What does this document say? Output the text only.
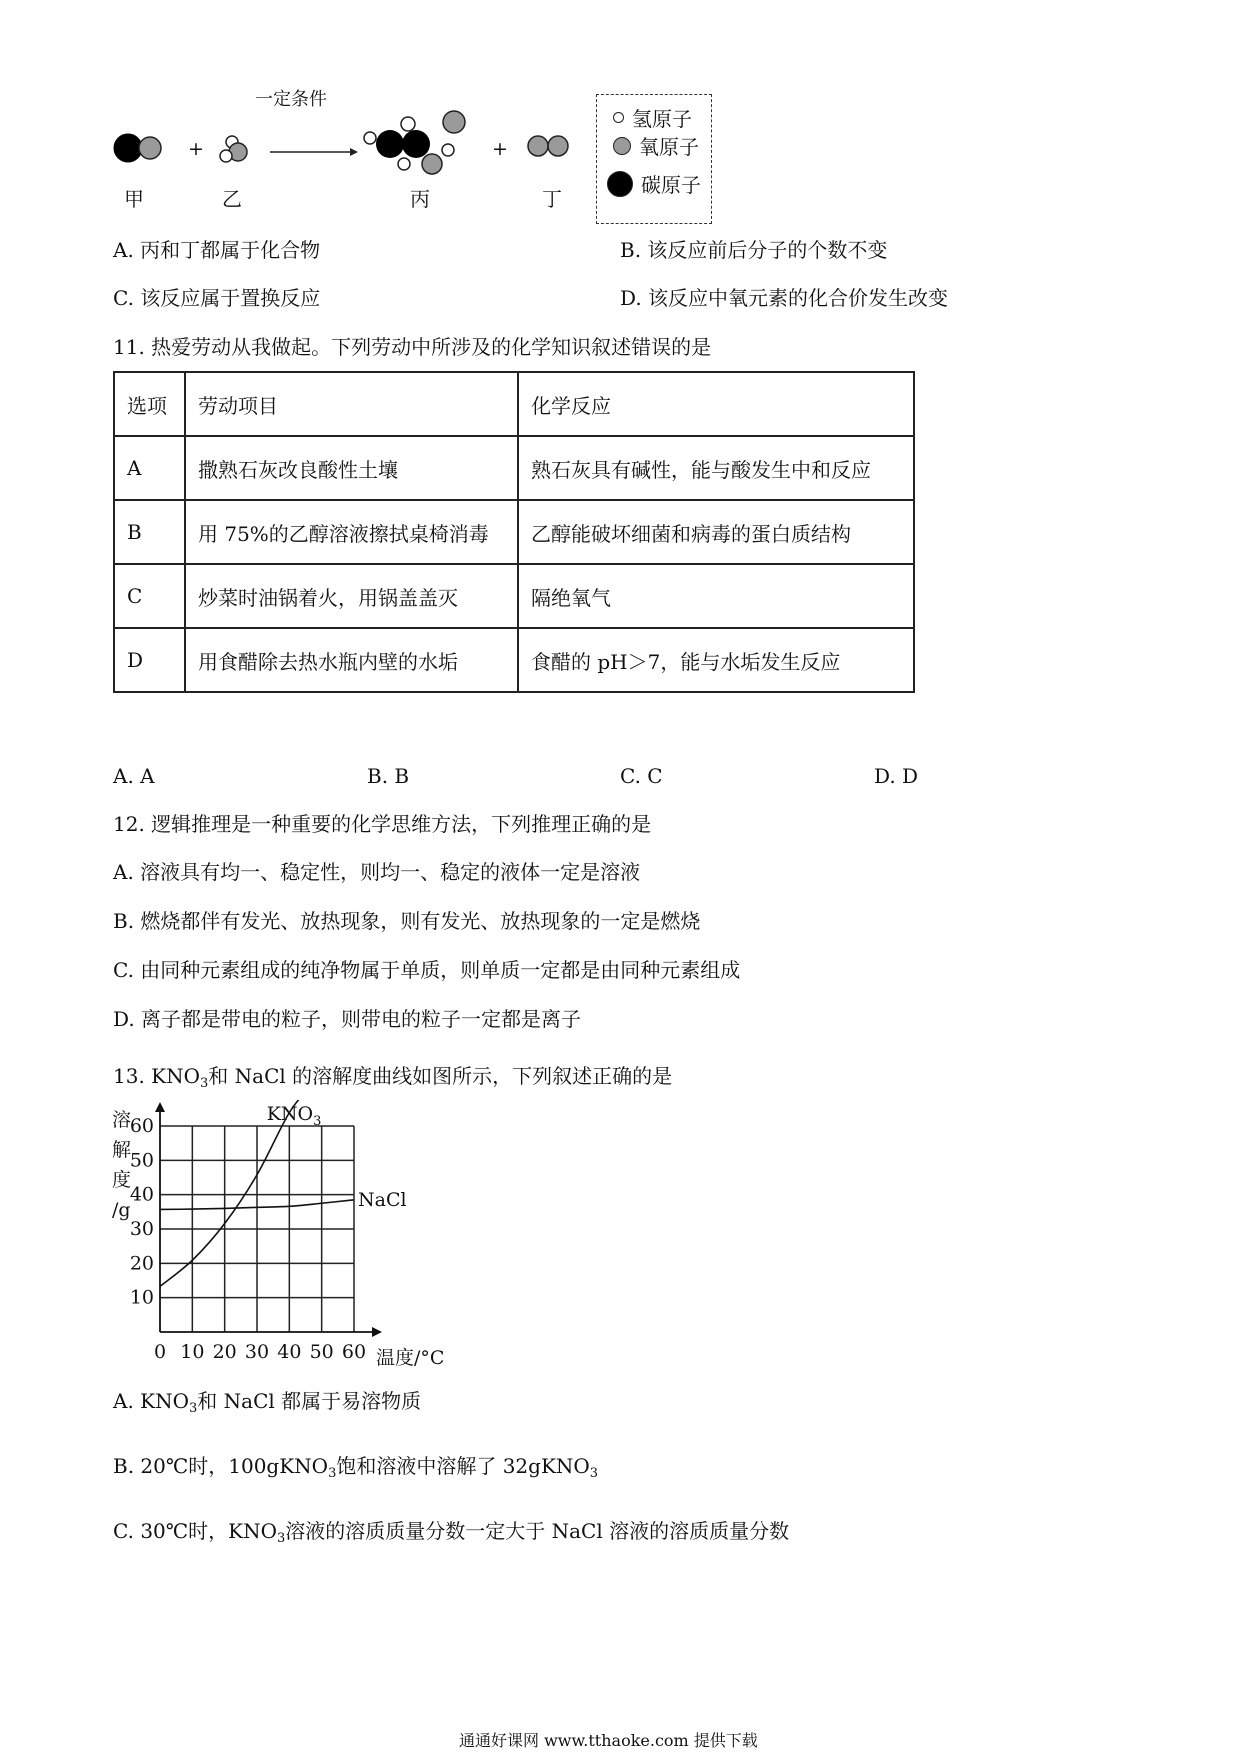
+	+
一定条件
甲	乙	丙	丁
氢原子
氧原子
碳原子
A. 丙和丁都属于化合物	B. 该反应前后分子的个数不变
C. 该反应属于置换反应	D. 该反应中氧元素的化合价发生改变
11. 热爱劳动从我做起。下列劳动中所涉及的化学知识叙述错误的是
选项	劳动项目	化学反应
A	撒熟石灰改良酸性土壤	熟石灰具有碱性，能与酸发生中和反应
B	用 75%的乙醇溶液擦拭桌椅消毒	乙醇能破坏细菌和病毒的蛋白质结构
C	炒菜时油锅着火，用锅盖盖灭	隔绝氧气
D	用食醋除去热水瓶内壁的水垢	食醋的 pH＞7，能与水垢发生反应
A. A	B. B	C. C	D. D
12. 逻辑推理是一种重要的化学思维方法，下列推理正确的是
A. 溶液具有均一、稳定性，则均一、稳定的液体一定是溶液
B. 燃烧都伴有发光、放热现象，则有发光、放热现象的一定是燃烧
C. 由同种元素组成的纯净物属于单质，则单质一定都是由同种元素组成
D. 离子都是带电的粒子，则带电的粒子一定都是离子
13. $KNO_3$和 NaCl 的溶解度曲线如图所示，下列叙述正确的是
0 10 20 30 40 50 60
10
20
30
40
50
60
溶
解
度
/g
温度/°C
$KNO_3$
NaCl
A. $KNO_3$和 NaCl 都属于易溶物质
B. 20℃时，100gKNO$_3$饱和溶液中溶解了 32gKNO$_3$
C. 30℃时，$KNO_3$溶液的溶质质量分数一定大于 NaCl 溶液的溶质质量分数
通通好课网 www.tthaoke.com 提供下载
